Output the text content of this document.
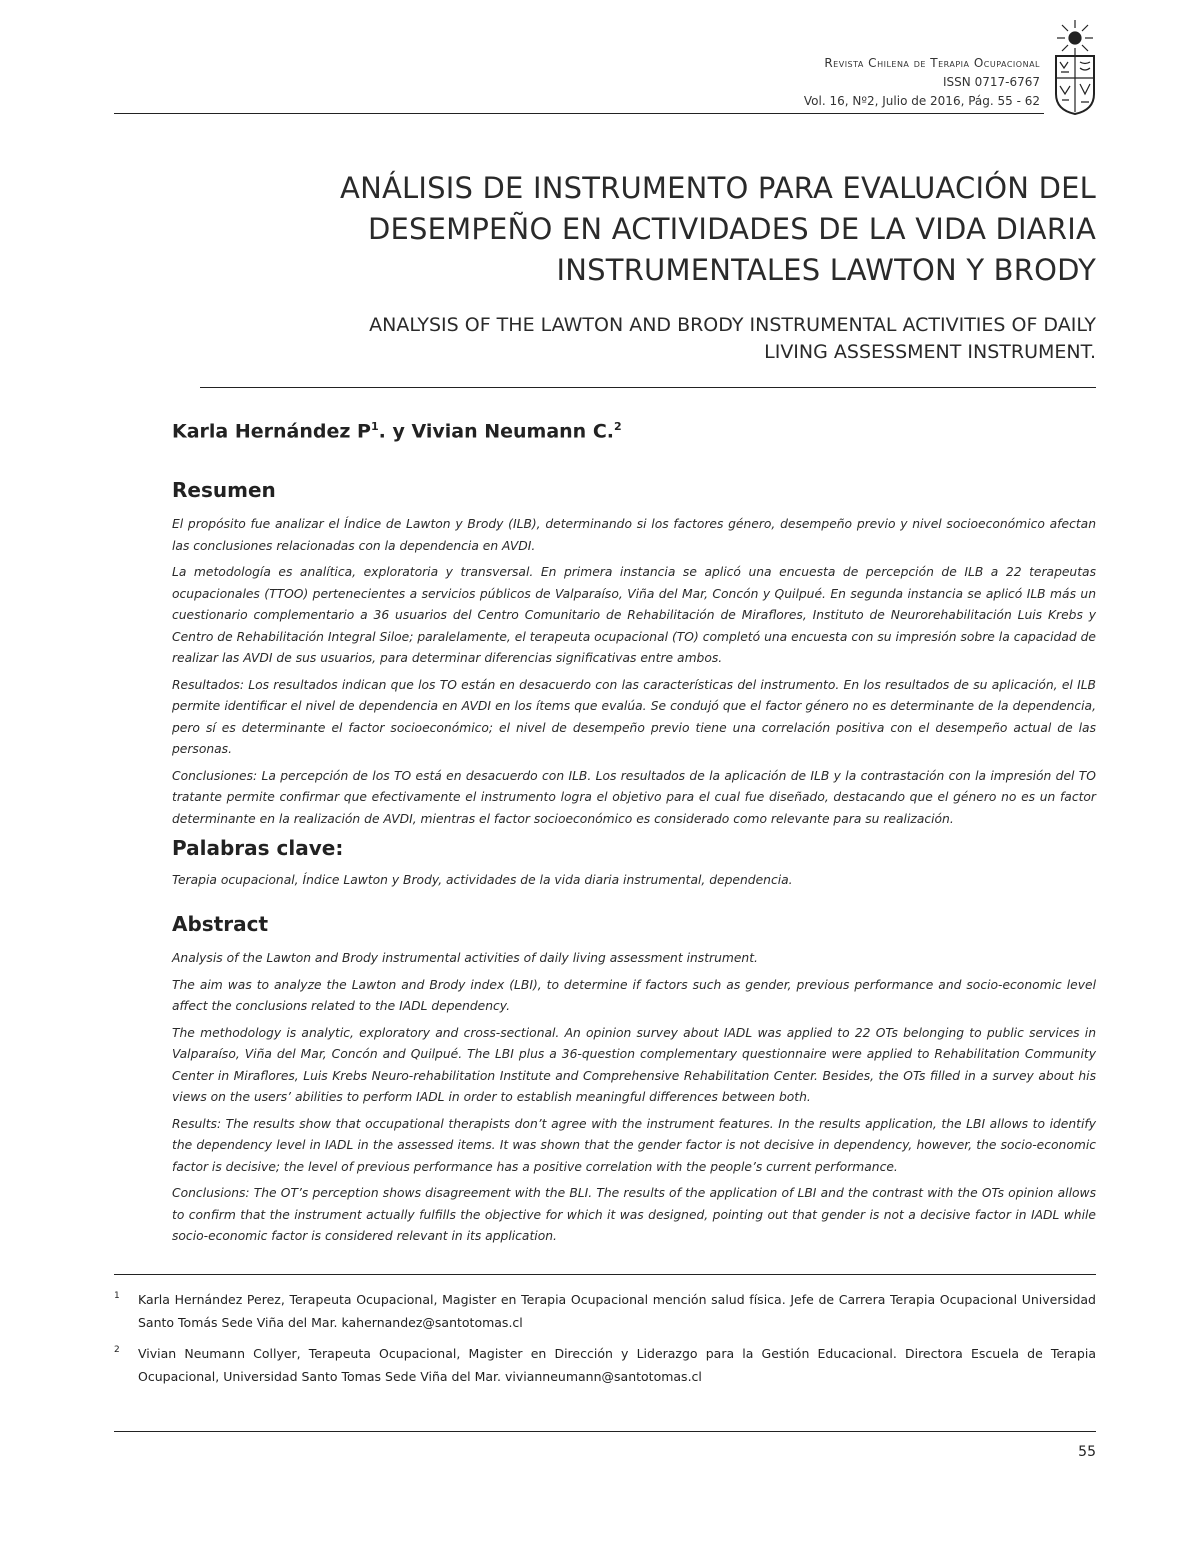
Revista Chilena de Terapia Ocupacional
ISSN 0717-6767
Vol. 16, Nº2, Julio de 2016, Pág. 55 - 62
ANÁLISIS DE INSTRUMENTO PARA EVALUACIÓN DEL
DESEMPEÑO EN ACTIVIDADES DE LA VIDA DIARIA
INSTRUMENTALES LAWTON Y BRODY
ANALYSIS OF THE LAWTON AND BRODY INSTRUMENTAL ACTIVITIES OF DAILY
LIVING ASSESSMENT INSTRUMENT.
Karla Hernández $P^1$. y Vivian Neumann C.$^2$
Resumen

El propósito fue analizar el Índice de Lawton y Brody (ILB), determinando si los factores género, desempeño previo y nivel socioeconómico afectan las conclusiones relacionadas con la dependencia en AVDI.

La metodología es analítica, exploratoria y transversal. En primera instancia se aplicó una encuesta de percepción de ILB a 22 terapeutas ocupacionales (TTOO) pertenecientes a servicios públicos de Valparaíso, Viña del Mar, Concón y Quilpué. En segunda instancia se aplicó ILB más un cuestionario complementario a 36 usuarios del Centro Comunitario de Rehabilitación de Miraflores, Instituto de Neurorehabilitación Luis Krebs y Centro de Rehabilitación Integral Siloe; paralelamente, el terapeuta ocupacional (TO) completó una encuesta con su impresión sobre la capacidad de realizar las AVDI de sus usuarios, para determinar diferencias significativas entre ambos.

Resultados: Los resultados indican que los TO están en desacuerdo con las características del instrumento. En los resultados de su aplicación, el ILB permite identificar el nivel de dependencia en AVDI en los ítems que evalúa. Se condujó que el factor género no es determinante de la dependencia, pero sí es determinante el factor socioeconómico; el nivel de desempeño previo tiene una correlación positiva con el desempeño actual de las personas.

Conclusiones: La percepción de los TO está en desacuerdo con ILB. Los resultados de la aplicación de ILB y la contrastación con la impresión del TO tratante permite confirmar que efectivamente el instrumento logra el objetivo para el cual fue diseñado, destacando que el género no es un factor determinante en la realización de AVDI, mientras el factor socioeconómico es considerado como relevante para su realización.

Palabras clave:

Terapia ocupacional, Índice Lawton y Brody, actividades de la vida diaria instrumental, dependencia.

Abstract

Analysis of the Lawton and Brody instrumental activities of daily living assessment instrument.

The aim was to analyze the Lawton and Brody index (LBI), to determine if factors such as gender, previous performance and socio-economic level affect the conclusions related to the IADL dependency.

The methodology is analytic, exploratory and cross-sectional. An opinion survey about IADL was applied to 22 OTs belonging to public services in Valparaíso, Viña del Mar, Concón and Quilpué. The LBI plus a 36-question complementary questionnaire were applied to Rehabilitation Community Center in Miraflores, Luis Krebs Neuro-rehabilitation Institute and Comprehensive Rehabilitation Center. Besides, the OTs filled in a survey about his views on the users’ abilities to perform IADL in order to establish meaningful differences between both.

Results: The results show that occupational therapists don’t agree with the instrument features. In the results application, the LBI allows to identify the dependency level in IADL in the assessed items. It was shown that the gender factor is not decisive in dependency, however, the socio-economic factor is decisive; the level of previous performance has a positive correlation with the people’s current performance.

Conclusions: The OT’s perception shows disagreement with the BLI. The results of the application of LBI and the contrast with the OTs opinion allows to confirm that the instrument actually fulfills the objective for which it was designed, pointing out that gender is not a decisive factor in IADL while socio-economic factor is considered relevant in its application.

1 Karla Hernández Perez, Terapeuta Ocupacional, Magister en Terapia Ocupacional mención salud física. Jefe de Carrera Terapia Ocupacional Universidad Santo Tomás Sede Viña del Mar. kahernandez@santotomas.cl
2 Vivian Neumann Collyer, Terapeuta Ocupacional, Magister en Dirección y Liderazgo para la Gestión Educacional. Directora Escuela de Terapia Ocupacional, Universidad Santo Tomas Sede Viña del Mar. vivianneumann@santotomas.cl
55
